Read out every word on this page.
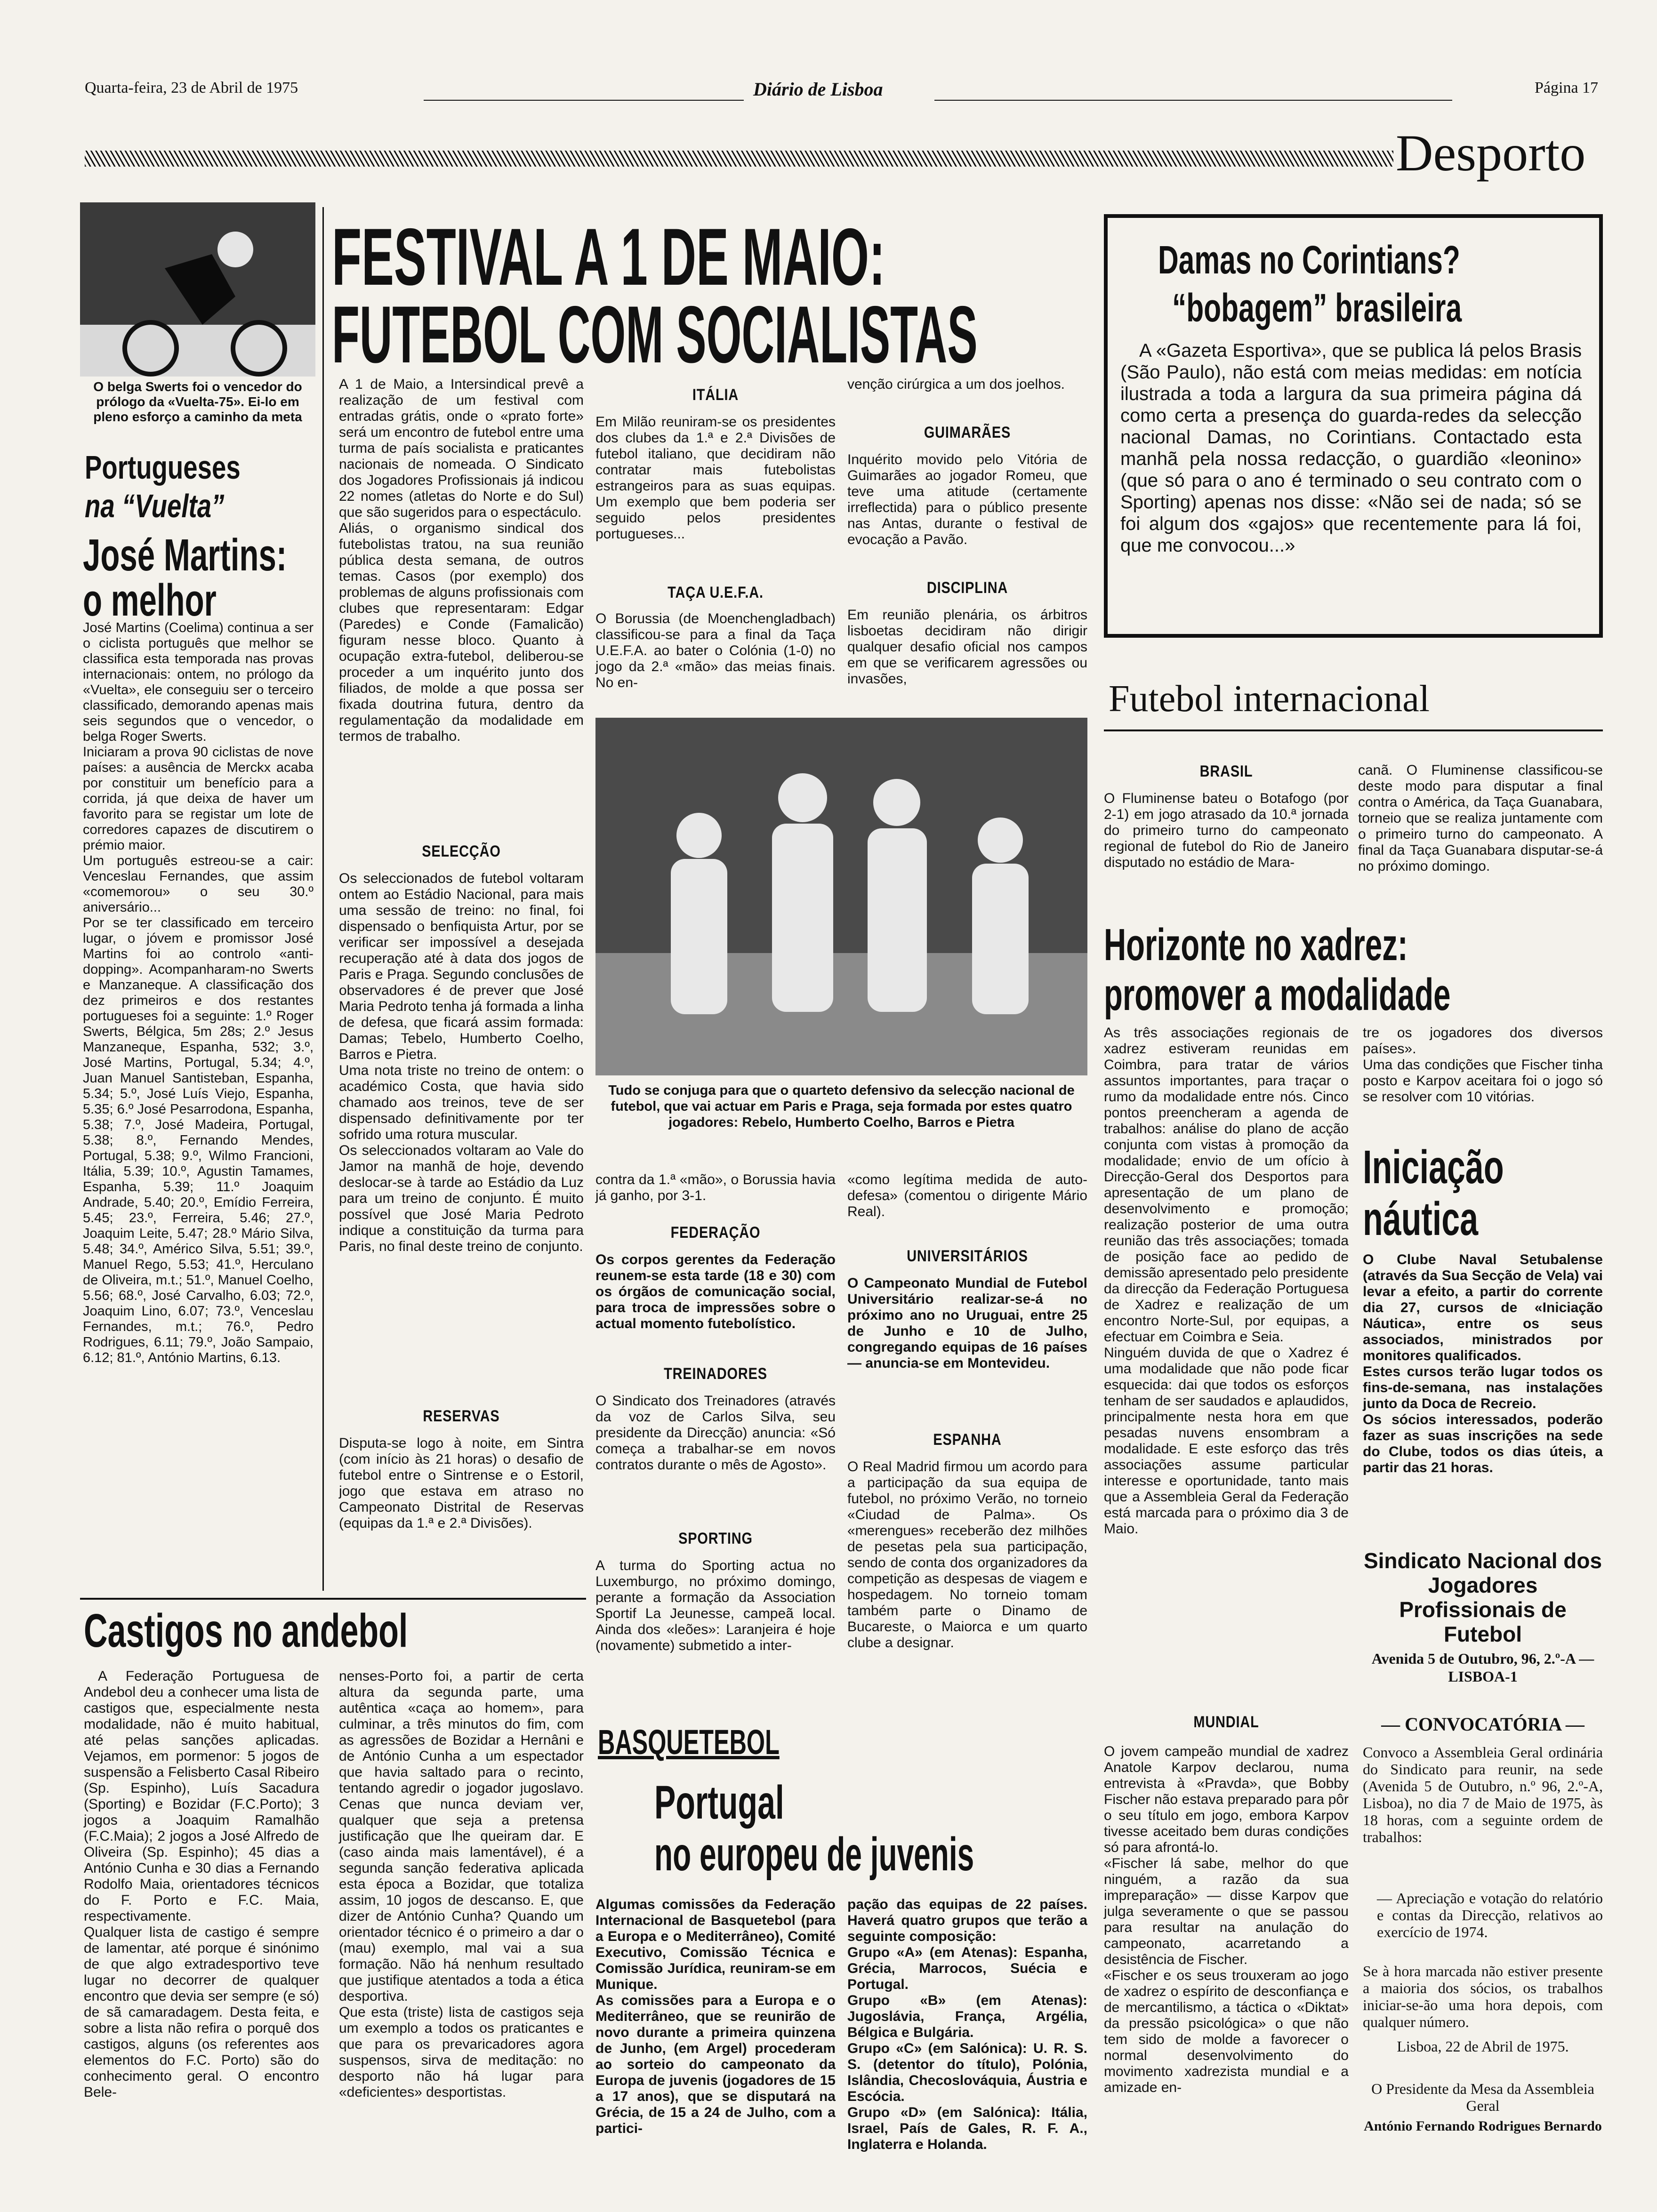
Quarta-feira, 23 de Abril de 1975	Diário de Lisboa	Página 17
Desporto
O belga Swerts foi o vencedor do prólogo da «Vuelta-75». Ei-lo em pleno esforço a caminho da meta
Portugueses
na “Vuelta”
José Martins:
o melhor
José Martins (Coelima) continua a ser o ciclista português que melhor se classifica esta temporada nas provas internacionais: ontem, no prólogo da «Vuelta», ele conseguiu ser o terceiro classificado, demorando apenas mais seis segundos que o vencedor, o belga Roger Swerts.
Iniciaram a prova 90 ciclistas de nove países: a ausência de Merckx acaba por constituir um benefício para a corrida, já que deixa de haver um favorito para se registar um lote de corredores capazes de discutirem o prémio maior.
Um português estreou-se a cair: Venceslau Fernandes, que assim «comemorou» o seu 30.º aniversário...
Por se ter classificado em terceiro lugar, o jóvem e promissor José Martins foi ao controlo «anti-dopping». Acompanharam-no Swerts e Manzaneque. A classificação dos dez primeiros e dos restantes portugueses foi a seguinte: 1.º Roger Swerts, Bélgica, 5m 28s; 2.º Jesus Manzaneque, Espanha, 532; 3.º, José Martins, Portugal, 5.34; 4.º, Juan Manuel Santisteban, Espanha, 5.34; 5.º, José Luís Viejo, Espanha, 5.35; 6.º José Pesarrodona, Espanha, 5.38; 7.º, José Madeira, Portugal, 5.38; 8.º, Fernando Mendes, Portugal, 5.38; 9.º, Wilmo Francioni, Itália, 5.39; 10.º, Agustin Tamames, Espanha, 5.39; 11.º Joaquim Andrade, 5.40; 20.º, Emídio Ferreira, 5.45; 23.º, Ferreira, 5.46; 27.º, Joaquim Leite, 5.47; 28.º Mário Silva, 5.48; 34.º, Américo Silva, 5.51; 39.º, Manuel Rego, 5.53; 41.º, Herculano de Oliveira, m.t.; 51.º, Manuel Coelho, 5.56; 68.º, José Carvalho, 6.03; 72.º, Joaquim Lino, 6.07; 73.º, Venceslau Fernandes, m.t.; 76.º, Pedro Rodrigues, 6.11; 79.º, João Sampaio, 6.12; 81.º, António Martins, 6.13.
FESTIVAL A 1 DE MAIO:
FUTEBOL COM SOCIALISTAS
A 1 de Maio, a Intersindical prevê a realização de um festival com entradas grátis, onde o «prato forte» será um encontro de futebol entre uma turma de país socialista e praticantes nacionais de nomeada. O Sindicato dos Jogadores Profissionais já indicou 22 nomes (atletas do Norte e do Sul) que são sugeridos para o espectáculo.
Aliás, o organismo sindical dos futebolistas tratou, na sua reunião pública desta semana, de outros temas. Casos (por exemplo) dos problemas de alguns profissionais com clubes que representaram: Edgar (Paredes) e Conde (Famalicão) figuram nesse bloco. Quanto à ocupação extra-futebol, deliberou-se proceder a um inquérito junto dos filiados, de molde a que possa ser fixada doutrina futura, dentro da regulamentação da modalidade em termos de trabalho.
SELECÇÃO
Os seleccionados de futebol voltaram ontem ao Estádio Nacional, para mais uma sessão de treino: no final, foi dispensado o benfiquista Artur, por se verificar ser impossível a desejada recuperação até à data dos jogos de Paris e Praga. Segundo conclusões de observadores é de prever que José Maria Pedroto tenha já formada a linha de defesa, que ficará assim formada: Damas; Tebelo, Humberto Coelho, Barros e Pietra.
Uma nota triste no treino de ontem: o académico Costa, que havia sido chamado aos treinos, teve de ser dispensado definitivamente por ter sofrido uma rotura muscular.
Os seleccionados voltaram ao Vale do Jamor na manhã de hoje, devendo deslocar-se à tarde ao Estádio da Luz para um treino de conjunto. É muito possível que José Maria Pedroto indique a constituição da turma para Paris, no final deste treino de conjunto.
RESERVAS
Disputa-se logo à noite, em Sintra (com início às 21 horas) o desafio de futebol entre o Sintrense e o Estoril, jogo que estava em atraso no Campeonato Distrital de Reservas (equipas da 1.ª e 2.ª Divisões).
ITÁLIA
Em Milão reuniram-se os presidentes dos clubes da 1.ª e 2.ª Divisões de futebol italiano, que decidiram não contratar mais futebolistas estrangeiros para as suas equipas. Um exemplo que bem poderia ser seguido pelos presidentes portugueses...
TAÇA U.E.F.A.
O Borussia (de Moenchengladbach) classificou-se para a final da Taça U.E.F.A. ao bater o Colónia (1-0) no jogo da 2.ª «mão» das meias finais. No en-
venção cirúrgica a um dos joelhos.
GUIMARÃES
Inquérito movido pelo Vitória de Guimarães ao jogador Romeu, que teve uma atitude (certamente irreflectida) para o público presente nas Antas, durante o festival de evocação a Pavão.
DISCIPLINA
Em reunião plenária, os árbitros lisboetas decidiram não dirigir qualquer desafio oficial nos campos em que se verificarem agressões ou invasões,
Tudo se conjuga para que o quarteto defensivo da selecção nacional de futebol, que vai actuar em Paris e Praga, seja formada por estes quatro jogadores: Rebelo, Humberto Coelho, Barros e Pietra
contra da 1.ª «mão», o Borussia havia já ganho, por 3-1.
FEDERAÇÃO
Os corpos gerentes da Federação reunem-se esta tarde (18 e 30) com os órgãos de comunicação social, para troca de impressões sobre o actual momento futebolístico.
TREINADORES
O Sindicato dos Treinadores (através da voz de Carlos Silva, seu presidente da Direcção) anuncia: «Só começa a trabalhar-se em novos contratos durante o mês de Agosto».
SPORTING
A turma do Sporting actua no Luxemburgo, no próximo domingo, perante a formação da Association Sportif La Jeunesse, campeã local. Ainda dos «leões»: Laranjeira é hoje (novamente) submetido a inter-
«como legítima medida de auto-defesa» (comentou o dirigente Mário Real).
UNIVERSITÁRIOS
O Campeonato Mundial de Futebol Universitário realizar-se-á no próximo ano no Uruguai, entre 25 de Junho e 10 de Julho, congregando equipas de 16 países — anuncia-se em Montevideu.
ESPANHA
O Real Madrid firmou um acordo para a participação da sua equipa de futebol, no próximo Verão, no torneio «Ciudad de Palma». Os «merengues» receberão dez milhões de pesetas pela sua participação, sendo de conta dos organizadores da competição as despesas de viagem e hospedagem. No torneio tomam também parte o Dinamo de Bucareste, o Maiorca e um quarto clube a designar.
Damas no Corintians?
“bobagem” brasileira
A «Gazeta Esportiva», que se publica lá pelos Brasis (São Paulo), não está com meias medidas: em notícia ilustrada a toda a largura da sua primeira página dá como certa a presença do guarda-redes da selecção nacional Damas, no Corintians. Contactado esta manhã pela nossa redacção, o guardião «leonino» (que só para o ano é terminado o seu contrato com o Sporting) apenas nos disse: «Não sei de nada; só se foi algum dos «gajos» que recentemente para lá foi, que me convocou...»
Futebol internacional
BRASIL
O Fluminense bateu o Botafogo (por 2-1) em jogo atrasado da 10.ª jornada do primeiro turno do campeonato regional de futebol do Rio de Janeiro disputado no estádio de Mara-
canã. O Fluminense classificou-se deste modo para disputar a final contra o América, da Taça Guanabara, torneio que se realiza juntamente com o primeiro turno do campeonato. A final da Taça Guanabara disputar-se-á no próximo domingo.
Horizonte no xadrez:
promover a modalidade
As três associações regionais de xadrez estiveram reunidas em Coimbra, para tratar de vários assuntos importantes, para traçar o rumo da modalidade entre nós. Cinco pontos preencheram a agenda de trabalhos: análise do plano de acção conjunta com vistas à promoção da modalidade; envio de um ofício à Direcção-Geral dos Desportos para apresentação de um plano de desenvolvimento e promoção; realização posterior de uma outra reunião das três associações; tomada de posição face ao pedido de demissão apresentado pelo presidente da direcção da Federação Portuguesa de Xadrez e realização de um encontro Norte-Sul, por equipas, a efectuar em Coimbra e Seia.
Ninguém duvida de que o Xadrez é uma modalidade que não pode ficar esquecida: dai que todos os esforços tenham de ser saudados e aplaudidos, principalmente nesta hora em que pesadas nuvens ensombram a modalidade. E este esforço das três associações assume particular interesse e oportunidade, tanto mais que a Assembleia Geral da Federação está marcada para o próximo dia 3 de Maio.
tre os jogadores dos diversos países».
Uma das condições que Fischer tinha posto e Karpov aceitara foi o jogo só se resolver com 10 vitórias.
Iniciação
náutica
O Clube Naval Setubalense (através da Sua Secção de Vela) vai levar a efeito, a partir do corrente dia 27, cursos de «Iniciação Náutica», entre os seus associados, ministrados por monitores qualificados.
Estes cursos terão lugar todos os fins-de-semana, nas instalações junto da Doca de Recreio.
Os sócios interessados, poderão fazer as suas inscrições na sede do Clube, todos os dias úteis, a partir das 21 horas.
Sindicato Nacional dos Jogadores Profissionais de Futebol
Avenida 5 de Outubro, 96, 2.º-A — LISBOA-1
— CONVOCATÓRIA —
Convoco a Assembleia Geral ordinária do Sindicato para reunir, na sede (Avenida 5 de Outubro, n.º 96, 2.º-A, Lisboa), no dia 7 de Maio de 1975, às 18 horas, com a seguinte ordem de trabalhos:
— Apreciação e votação do relatório e contas da Direcção, relativos ao exercício de 1974.
Se à hora marcada não estiver presente a maioria dos sócios, os trabalhos iniciar-se-ão uma hora depois, com qualquer número.
Lisboa, 22 de Abril de 1975.
O Presidente da Mesa da Assembleia Geral
António Fernando Rodrigues Bernardo
MUNDIAL
O jovem campeão mundial de xadrez Anatole Karpov declarou, numa entrevista à «Pravda», que Bobby Fischer não estava preparado para pôr o seu título em jogo, embora Karpov tivesse aceitado bem duras condições só para afrontá-lo.
«Fischer lá sabe, melhor do que ninguém, a razão da sua impreparação» — disse Karpov que julga severamente o que se passou para resultar na anulação do campeonato, acarretando a desistência de Fischer.
«Fischer e os seus trouxeram ao jogo de xadrez o espírito de desconfiança e de mercantilismo, a táctica o «Diktat» da pressão psicológica» o que não tem sido de molde a favorecer o normal desenvolvimento do movimento xadrezista mundial e a amizade en-
Castigos no andebol
A Federação Portuguesa de Andebol deu a conhecer uma lista de castigos que, especialmente nesta modalidade, não é muito habitual, até pelas sanções aplicadas. Vejamos, em pormenor: 5 jogos de suspensão a Felisberto Casal Ribeiro (Sp. Espinho), Luís Sacadura (Sporting) e Bozidar (F.C.Porto); 3 jogos a Joaquim Ramalhão (F.C.Maia); 2 jogos a José Alfredo de Oliveira (Sp. Espinho); 45 dias a António Cunha e 30 dias a Fernando Rodolfo Maia, orientadores técnicos do F. Porto e F.C. Maia, respectivamente.
Qualquer lista de castigo é sempre de lamentar, até porque é sinónimo de que algo extradesportivo teve lugar no decorrer de qualquer encontro que devia ser sempre (e só) de sã camaradagem. Desta feita, e sobre a lista não refira o porquê dos castigos, alguns (os referentes aos elementos do F.C. Porto) são do conhecimento geral. O encontro Bele-
nenses-Porto foi, a partir de certa altura da segunda parte, uma autêntica «caça ao homem», para culminar, a três minutos do fim, com as agressões de Bozidar a Hernâni e de António Cunha a um espectador que havia saltado para o recinto, tentando agredir o jogador jugoslavo. Cenas que nunca deviam ver, qualquer que seja a pretensa justificação que lhe queiram dar. E (caso ainda mais lamentável), é a segunda sanção federativa aplicada esta época a Bozidar, que totaliza assim, 10 jogos de descanso. E, que dizer de António Cunha? Quando um orientador técnico é o primeiro a dar o (mau) exemplo, mal vai a sua formação. Não há nenhum resultado que justifique atentados a toda a ética desportiva.
Que esta (triste) lista de castigos seja um exemplo a todos os praticantes e que para os prevaricadores agora suspensos, sirva de meditação: no desporto não há lugar para «deficientes» desportistas.
BASQUETEBOL
Portugal
no europeu de juvenis
Algumas comissões da Federação Internacional de Basquetebol (para a Europa e o Mediterrâneo), Comité Executivo, Comissão Técnica e Comissão Jurídica, reuniram-se em Munique.
As comissões para a Europa e o Mediterrâneo, que se reunirão de novo durante a primeira quinzena de Junho, (em Argel) procederam ao sorteio do campeonato da Europa de juvenis (jogadores de 15 a 17 anos), que se disputará na Grécia, de 15 a 24 de Julho, com a partici-
pação das equipas de 22 países. Haverá quatro grupos que terão a seguinte composição:
Grupo «A» (em Atenas): Espanha, Grécia, Marrocos, Suécia e Portugal.
Grupo «B» (em Atenas): Jugoslávia, França, Argélia, Bélgica e Bulgária.
Grupo «C» (em Salónica): U. R. S. S. (detentor do título), Polónia, Islândia, Checoslováquia, Áustria e Escócia.
Grupo «D» (em Salónica): Itália, Israel, País de Gales, R. F. A., Inglaterra e Holanda.
